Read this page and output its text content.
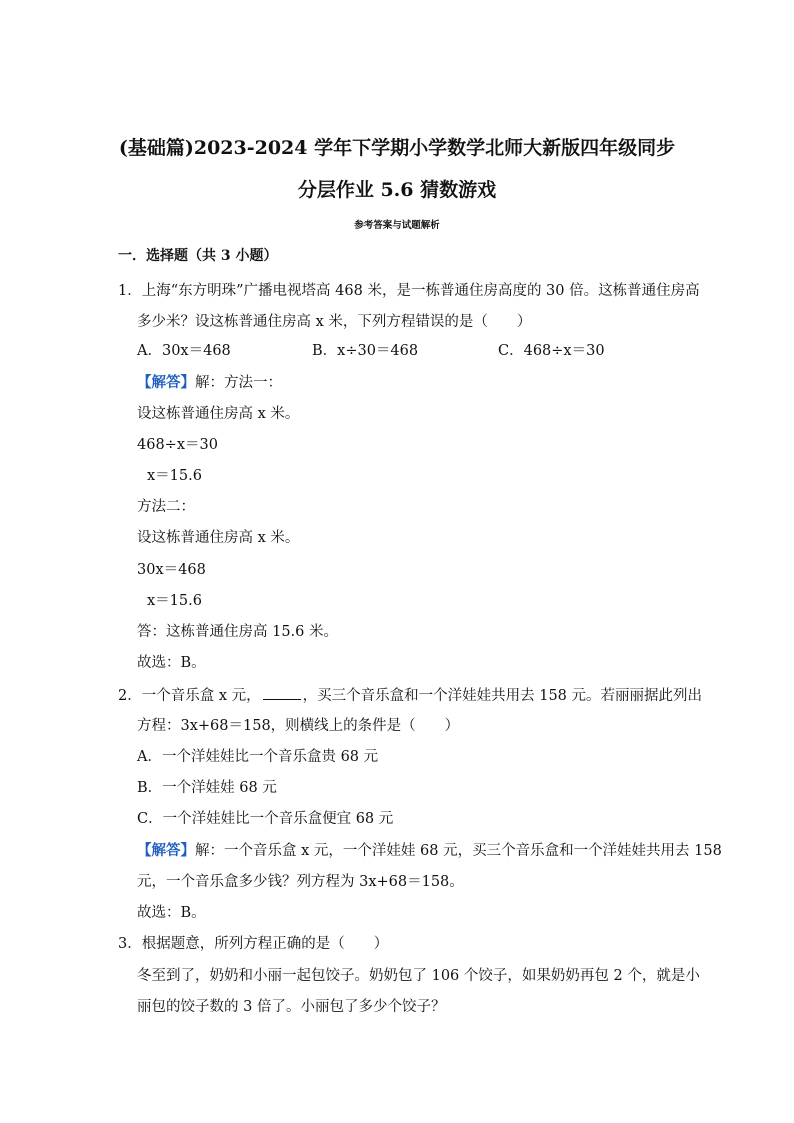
(基础篇)2023-2024 学年下学期小学数学北师大新版四年级同步
分层作业 5.6 猜数游戏
参考答案与试题解析
一．选择题（共 3 小题）
1．上海“东方明珠”广播电视塔高 468 米，是一栋普通住房高度的 30 倍。这栋普通住房高
多少米？设这栋普通住房高 x 米，下列方程错误的是（　　）
A．30x＝468	B．x÷30＝468	C．468÷x＝30
【解答】解：方法一：
设这栋普通住房高 x 米。
468÷x＝30
x＝15.6
方法二：
设这栋普通住房高 x 米。
30x＝468
x＝15.6
答：这栋普通住房高 15.6 米。
故选：B。
2．一个音乐盒 x 元，	，买三个音乐盒和一个洋娃娃共用去 158 元。若丽丽据此列出
方程：3x+68＝158，则横线上的条件是（　　）
A．一个洋娃娃比一个音乐盒贵 68 元
B．一个洋娃娃 68 元
C．一个洋娃娃比一个音乐盒便宜 68 元
【解答】解：一个音乐盒 x 元，一个洋娃娃 68 元，买三个音乐盒和一个洋娃娃共用去 158
元，一个音乐盒多少钱？列方程为 3x+68＝158。
故选：B。
3．根据题意，所列方程正确的是（　　）
冬至到了，奶奶和小丽一起包饺子。奶奶包了 106 个饺子，如果奶奶再包 2 个，就是小
丽包的饺子数的 3 倍了。小丽包了多少个饺子？
